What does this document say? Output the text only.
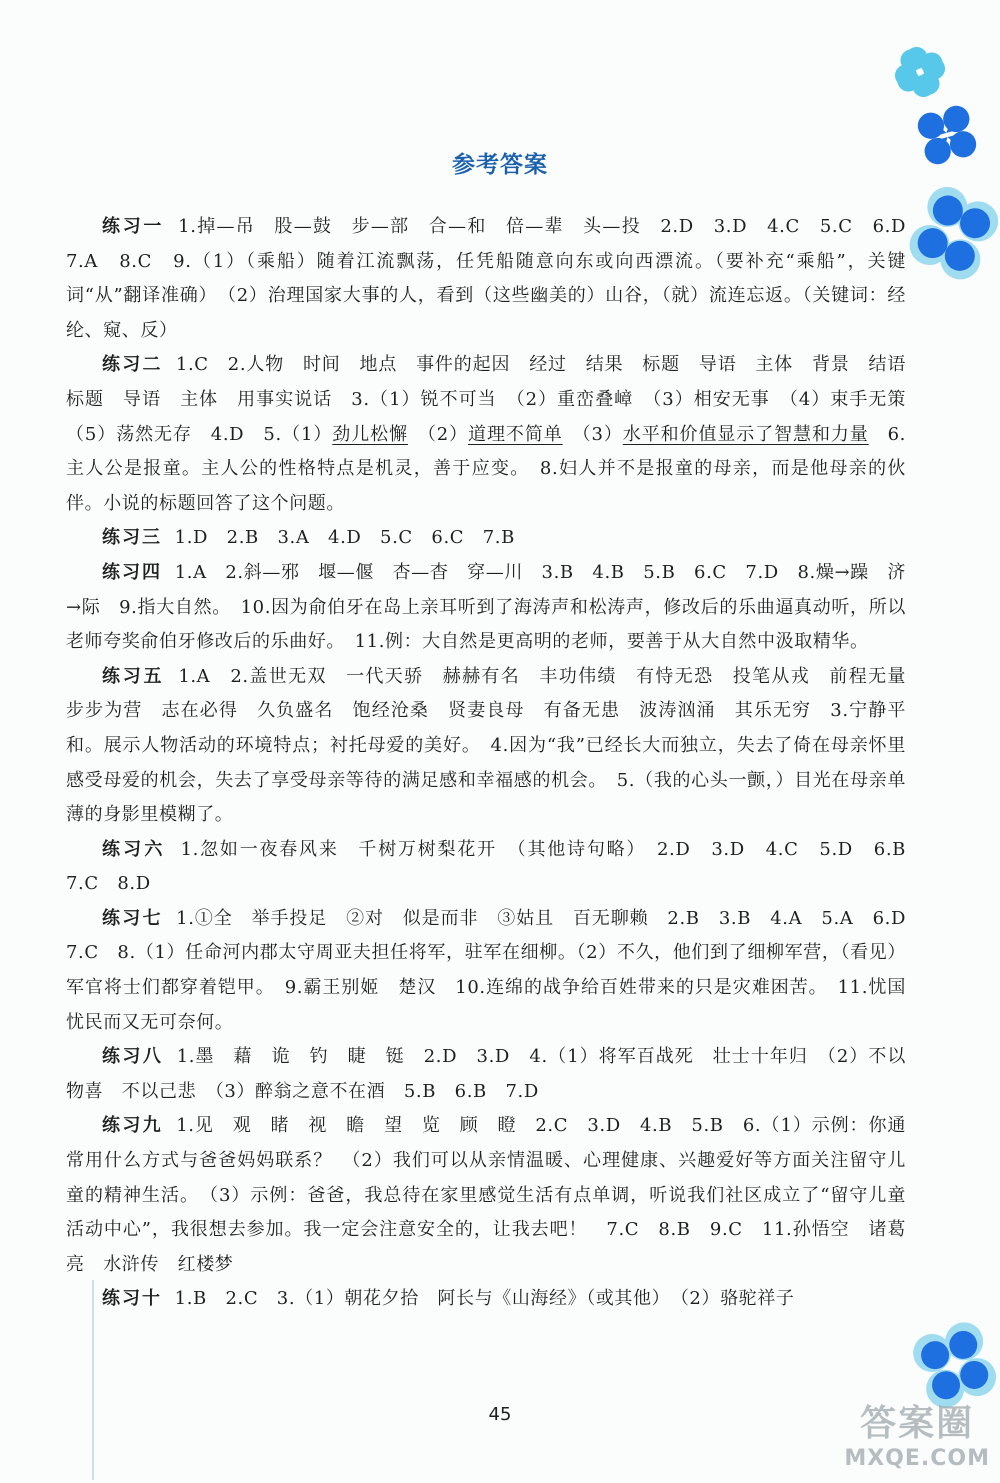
参考答案

练习一 1.掉—吊　股—鼓　步—部　合—和　倍—辈　头—投　2.D　3.D　4.C　5.C　6.D　7.A　8.C　9.（1）（乘船）随着江流飘荡，任凭船随意向东或向西漂流。（要补充“乘船”，关键词“从”翻译准确）　（2）治理国家大事的人，看到（这些幽美的）山谷，（就）流连忘返。（关键词：经纶、窥、反）

练习二 1.C　2.人物　时间　地点　事件的起因　经过　结果　标题　导语　主体　背景　结语　标题　导语　主体　用事实说话　3.（1）锐不可当　（2）重峦叠嶂　（3）相安无事　（4）束手无策　（5）荡然无存　4.D　5.（1）劲儿松懈　（2）道理不简单　（3）水平和价值显示了智慧和力量　6.主人公是报童。主人公的性格特点是机灵，善于应变。　8.妇人并不是报童的母亲，而是他母亲的伙伴。小说的标题回答了这个问题。

练习三 1.D　2.B　3.A　4.D　5.C　6.C　7.B

练习四 1.A　2.斜—邪　堰—偃　杏—杳　穿—川　3.B　4.B　5.B　6.C　7.D　8.燥→躁　济→际　9.指大自然。　10.因为俞伯牙在岛上亲耳听到了海涛声和松涛声，修改后的乐曲逼真动听，所以老师夸奖俞伯牙修改后的乐曲好。　11.例：大自然是更高明的老师，要善于从大自然中汲取精华。

练习五 1.A　2.盖世无双　一代天骄　赫赫有名　丰功伟绩　有恃无恐　投笔从戎　前程无量　步步为营　志在必得　久负盛名　饱经沧桑　贤妻良母　有备无患　波涛汹涌　其乐无穷　3.宁静平和。展示人物活动的环境特点；衬托母爱的美好。　4.因为“我”已经长大而独立，失去了倚在母亲怀里感受母爱的机会，失去了享受母亲等待的满足感和幸福感的机会。　5.（我的心头一颤，）目光在母亲单薄的身影里模糊了。

练习六 1.忽如一夜春风来　千树万树梨花开　（其他诗句略）　2.D　3.D　4.C　5.D　6.B　7.C　8.D

练习七 1.①全　举手投足　②对　似是而非　③姑且　百无聊赖　2.B　3.B　4.A　5.A　6.D　7.C　8.（1）任命河内郡太守周亚夫担任将军，驻军在细柳。（2）不久，他们到了细柳军营，（看见）军官将士们都穿着铠甲。　9.霸王别姬　楚汉　10.连绵的战争给百姓带来的只是灾难困苦。　11.忧国忧民而又无可奈何。

练习八 1.墨　藉　诡　钓　睫　铤　2.D　3.D　4.（1）将军百战死　壮士十年归　（2）不以物喜　不以己悲　（3）醉翁之意不在酒　5.B　6.B　7.D

练习九 1.见　观　睹　视　瞻　望　览　顾　瞪　2.C　3.D　4.B　5.B　6.（1）示例：你通常用什么方式与爸爸妈妈联系？　（2）我们可以从亲情温暖、心理健康、兴趣爱好等方面关注留守儿童的精神生活。　（3）示例：爸爸，我总待在家里感觉生活有点单调，听说我们社区成立了“留守儿童活动中心”，我很想去参加。我一定会注意安全的，让我去吧！　7.C　8.B　9.C　11.孙悟空　诸葛亮　水浒传　红楼梦

练习十 1.B　2.C　3.（1）朝花夕拾　阿长与《山海经》（或其他）　（2）骆驼祥子

45	答案圈
MXQE.COM
